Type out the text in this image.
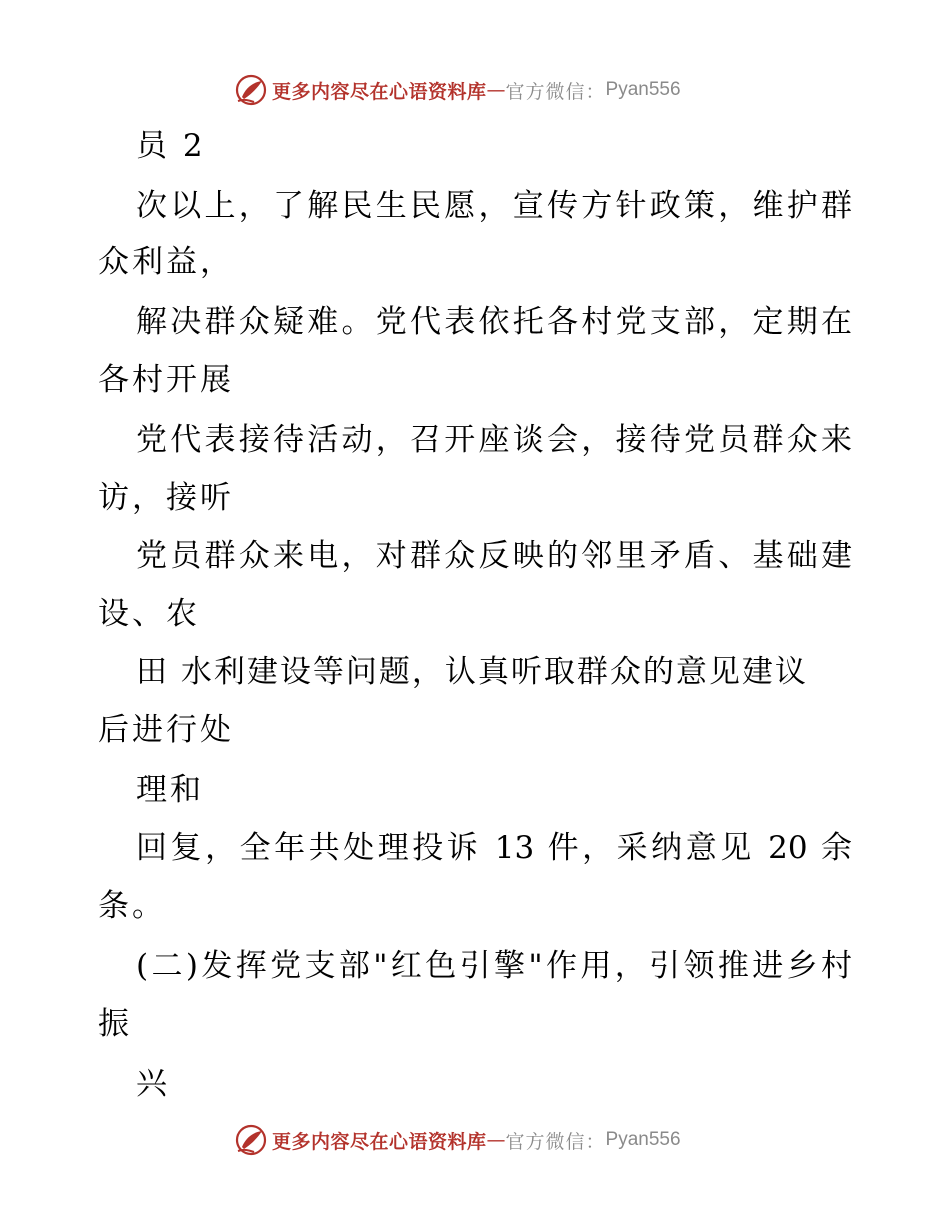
更多内容尽在心语资料库 — 官方微信： Pyan556
员 2
次以上，了解民生民愿，宣传方针政策，维护群
众利益，
解决群众疑难。党代表依托各村党支部，定期在
各村开展
党代表接待活动，召开座谈会，接待党员群众来
访，接听
党员群众来电，对群众反映的邻里矛盾、基础建
设、农
田 水利建设等问题，认真听取群众的意见建议
后进行处
理和
回复，全年共处理投诉 13 件，采纳意见 20 余
条。
(二)发挥党支部"红色引擎"作用，引领推进乡村
振
兴
更多内容尽在心语资料库 — 官方微信： Pyan556
